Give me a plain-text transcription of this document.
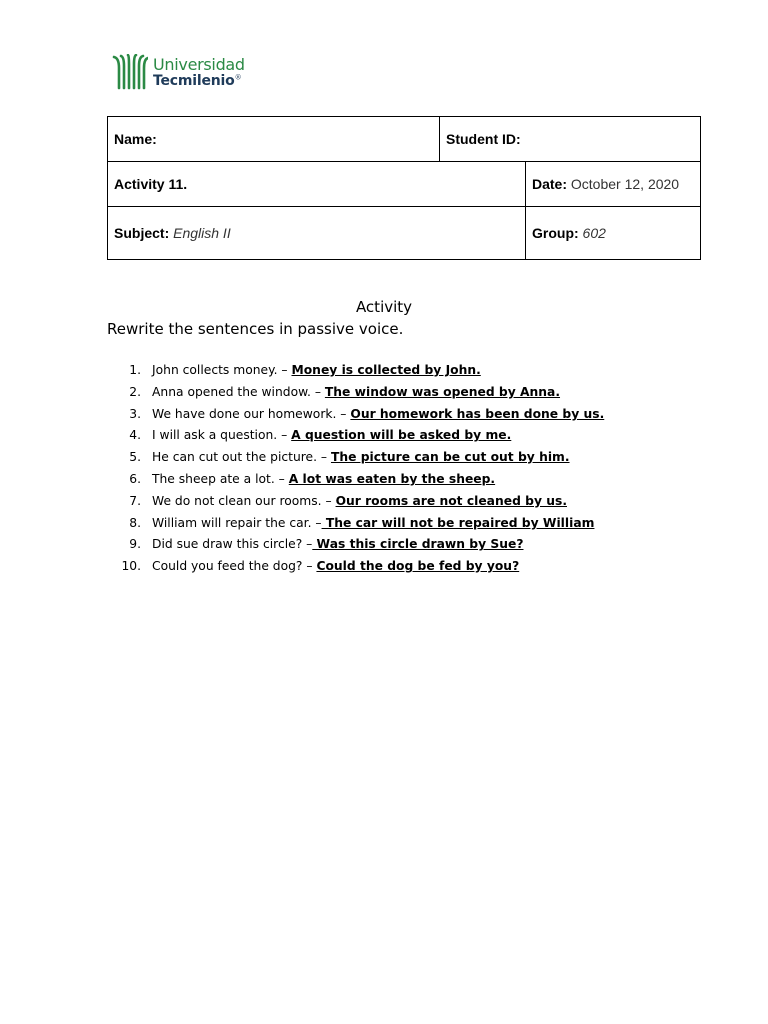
Universidad
Tecmilenio®
Name:	Student ID:	
Activity 11.		Date: October 12, 2020
Subject: English II		Group: 602
Activity
Rewrite the sentences in passive voice.
1. John collects money. – Money is collected by John.
2. Anna opened the window. – The window was opened by Anna.
3. We have done our homework. – Our homework has been done by us.
4. I will ask a question. – A question will be asked by me.
5. He can cut out the picture. – The picture can be cut out by him.
6. The sheep ate a lot. – A lot was eaten by the sheep.
7. We do not clean our rooms. – Our rooms are not cleaned by us.
8. William will repair the car. – The car will not be repaired by William
9. Did sue draw this circle? – Was this circle drawn by Sue?
10. Could you feed the dog? – Could the dog be fed by you?
